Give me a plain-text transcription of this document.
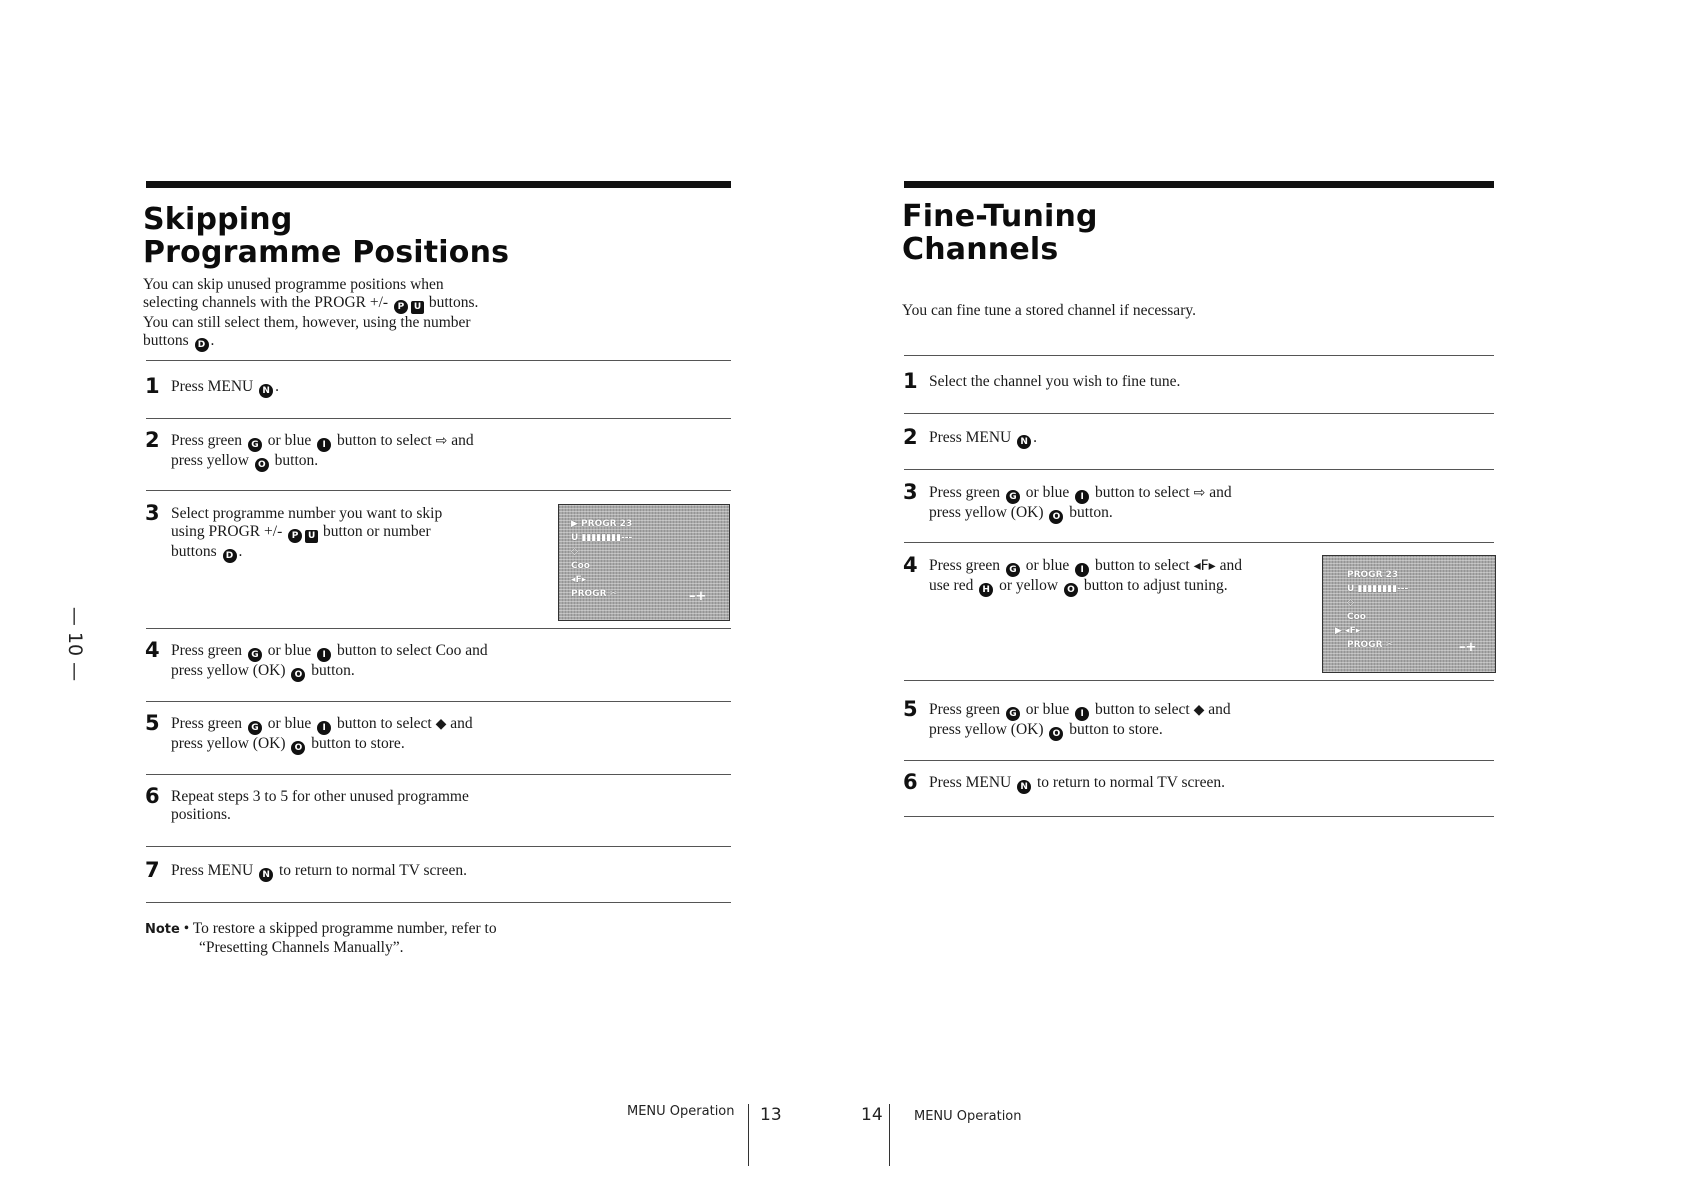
Skipping
Programme Positions
You can skip unused programme positions when
selecting channels with the PROGR +/- P U buttons.
You can still select them, however, using the number
buttons D .
1 Press MENU N .
2 Press green G or blue I button to select ⇨ and
press yellow O button.
3 Select programme number you want to skip
using PROGR +/- P U button or number
buttons D .
▶ PROGR 23
U ▮▮▮▮▮▮▮▮---
◇
Coo
◂F▸
PROGR ✂	–+
4 Press green G or blue I button to select Coo and
press yellow (OK) O button.
5 Press green G or blue I button to select ◆ and
press yellow (OK) O button to store.
6 Repeat steps 3 to 5 for other unused programme
positions.
7 Press MENU N to return to normal TV screen.
Note • To restore a skipped programme number, refer to
“Presetting Channels Manually”.
— 10 —
MENU Operation 13
Fine-Tuning
Channels
You can fine tune a stored channel if necessary.
1 Select the channel you wish to fine tune.
2 Press MENU N .
3 Press green G or blue I button to select ⇨ and
press yellow (OK) O button.
4 Press green G or blue I button to select ◂F▸ and
use red H or yellow O button to adjust tuning.
PROGR 23
U ▮▮▮▮▮▮▮▮---
◇
Coo
▶ ◂F▸
PROGR ✂	–+
5 Press green G or blue I button to select ◆ and
press yellow (OK) O button to store.
6 Press MENU N to return to normal TV screen.
14 MENU Operation
